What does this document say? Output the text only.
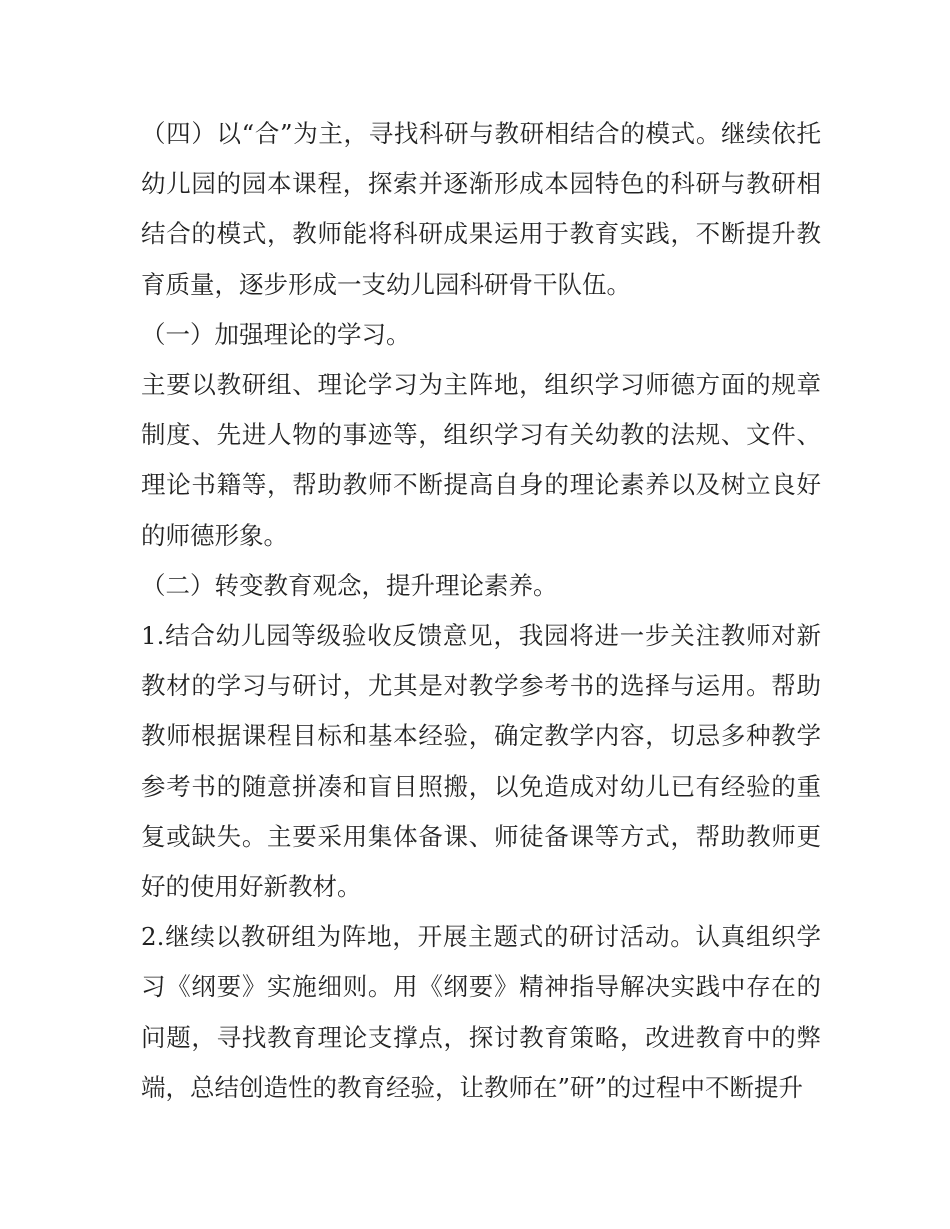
（四）以“合”为主，寻找科研与教研相结合的模式。继续依托幼儿园的园本课程，探索并逐渐形成本园特色的科研与教研相结合的模式，教师能将科研成果运用于教育实践，不断提升教育质量，逐步形成一支幼儿园科研骨干队伍。

（一）加强理论的学习。

主要以教研组、理论学习为主阵地，组织学习师德方面的规章制度、先进人物的事迹等，组织学习有关幼教的法规、文件、理论书籍等，帮助教师不断提高自身的理论素养以及树立良好的师德形象。

（二）转变教育观念，提升理论素养。

1.结合幼儿园等级验收反馈意见，我园将进一步关注教师对新教材的学习与研讨，尤其是对教学参考书的选择与运用。帮助教师根据课程目标和基本经验，确定教学内容，切忌多种教学参考书的随意拼凑和盲目照搬，以免造成对幼儿已有经验的重复或缺失。主要采用集体备课、师徒备课等方式，帮助教师更好的使用好新教材。

2.继续以教研组为阵地，开展主题式的研讨活动。认真组织学习《纲要》实施细则。用《纲要》精神指导解决实践中存在的问题，寻找教育理论支撑点，探讨教育策略，改进教育中的弊端，总结创造性的教育经验，让教师在”研”的过程中不断提升
